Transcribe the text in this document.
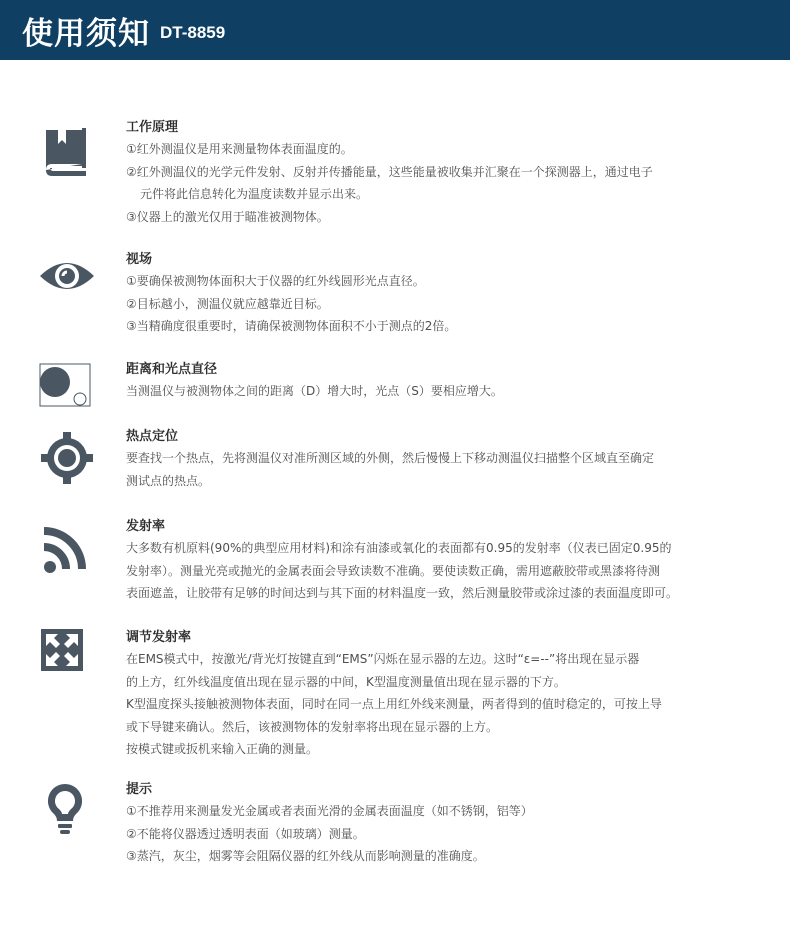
使用须知 DT-8859
工作原理
①红外测温仪是用来测量物体表面温度的。
②红外测温仪的光学元件发射、反射并传播能量，这些能量被收集并汇聚在一个探测器上，通过电子
元件将此信息转化为温度读数并显示出来。
③仪器上的激光仅用于瞄准被测物体。
视场
①要确保被测物体面积大于仪器的红外线圆形光点直径。
②目标越小，测温仪就应越靠近目标。
③当精确度很重要时，请确保被测物体面积不小于测点的2倍。
距离和光点直径
当测温仪与被测物体之间的距离（D）增大时，光点（S）要相应增大。
热点定位
要查找一个热点，先将测温仪对准所测区域的外侧，然后慢慢上下移动测温仪扫描整个区域直至确定
测试点的热点。
发射率
大多数有机原料(90%的典型应用材料)和涂有油漆或氧化的表面都有0.95的发射率（仪表已固定0.95的
发射率）。测量光亮或抛光的金属表面会导致读数不准确。要使读数正确，需用遮蔽胶带或黑漆将待测
表面遮盖，让胶带有足够的时间达到与其下面的材料温度一致，然后测量胶带或涂过漆的表面温度即可。
调节发射率
在EMS模式中，按激光/背光灯按键直到“EMS”闪烁在显示器的左边。这时“ε=--”将出现在显示器
的上方，红外线温度值出现在显示器的中间，K型温度测量值出现在显示器的下方。
K型温度探头接触被测物体表面，同时在同一点上用红外线来测量，两者得到的值时稳定的，可按上导
或下导键来确认。然后，该被测物体的发射率将出现在显示器的上方。
按模式键或扳机来输入正确的测量。
提示
①不推荐用来测量发光金属或者表面光滑的金属表面温度（如不锈钢，铝等）
②不能将仪器透过透明表面（如玻璃）测量。
③蒸汽，灰尘，烟雾等会阻隔仪器的红外线从而影响测量的准确度。
